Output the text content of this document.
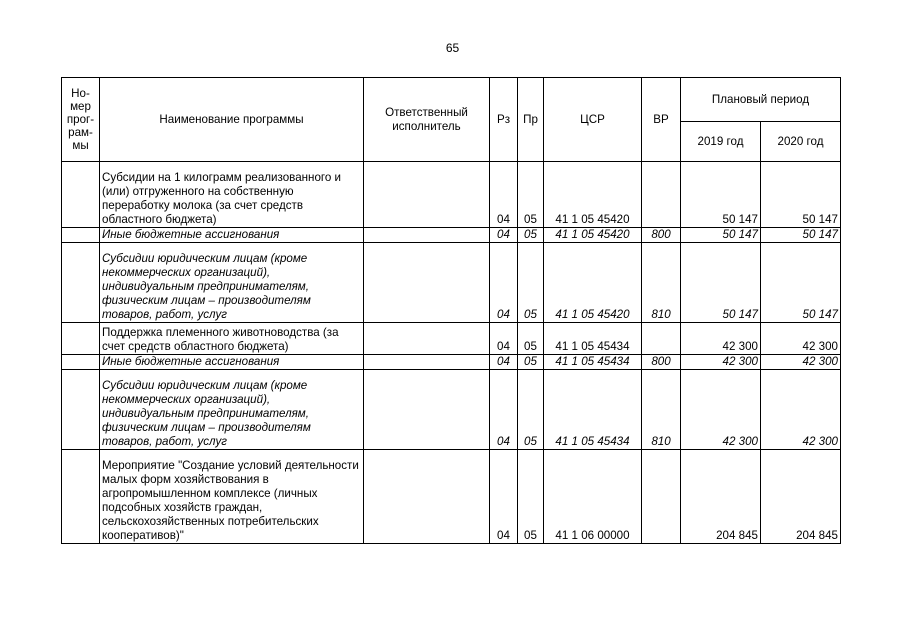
65
Но-
мер
прог-
рам-
мы	Наименование программы	Ответственный исполнитель	Рз	Пр	ЦСР	ВР	Плановый период	
							2019 год	2020 год
	Субсидии на 1 килограмм реализованного и (или) отгруженного на собственную переработку молока (за счет средств областного бюджета)		04	05	41 1 05 45420		50 147	50 147
	Иные бюджетные ассигнования		04	05	41 1 05 45420	800	50 147	50 147
	Субсидии юридическим лицам (кроме некоммерческих организаций), индивидуальным предпринимателям, физическим лицам – производителям товаров, работ, услуг		04	05	41 1 05 45420	810	50 147	50 147
	Поддержка племенного животноводства (за счет средств областного бюджета)		04	05	41 1 05 45434		42 300	42 300
	Иные бюджетные ассигнования		04	05	41 1 05 45434	800	42 300	42 300
	Субсидии юридическим лицам (кроме некоммерческих организаций), индивидуальным предпринимателям, физическим лицам – производителям товаров, работ, услуг		04	05	41 1 05 45434	810	42 300	42 300
	Мероприятие "Создание условий деятельности малых форм хозяйствования в агропромышленном комплексе (личных подсобных хозяйств граждан, сельскохозяйственных потребительских кооперативов)"		04	05	41 1 06 00000		204 845	204 845
